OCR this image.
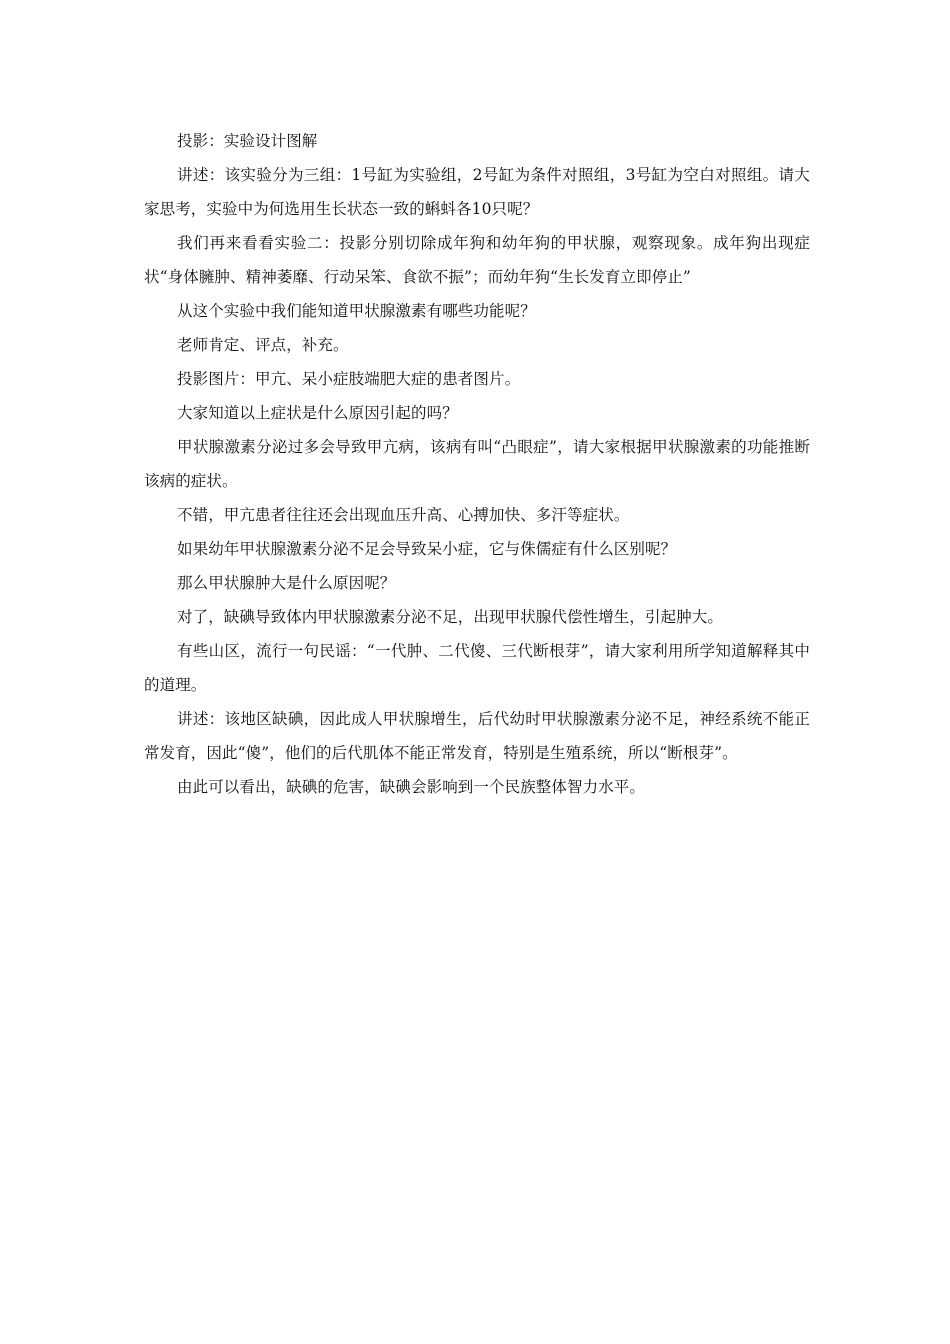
投影：实验设计图解

讲述：该实验分为三组：1号缸为实验组，2号缸为条件对照组，3号缸为空白对照组。请大家思考，实验中为何选用生长状态一致的蝌蚪各10只呢？

我们再来看看实验二：投影分别切除成年狗和幼年狗的甲状腺，观察现象。成年狗出现症状“身体臃肿、精神萎靡、行动呆笨、食欲不振”；而幼年狗“生长发育立即停止”

从这个实验中我们能知道甲状腺激素有哪些功能呢？

老师肯定、评点，补充。

投影图片：甲亢、呆小症肢端肥大症的患者图片。

大家知道以上症状是什么原因引起的吗？

甲状腺激素分泌过多会导致甲亢病，该病有叫“凸眼症”，请大家根据甲状腺激素的功能推断该病的症状。

不错，甲亢患者往往还会出现血压升高、心搏加快、多汗等症状。

如果幼年甲状腺激素分泌不足会导致呆小症，它与侏儒症有什么区别呢？

那么甲状腺肿大是什么原因呢？

对了，缺碘导致体内甲状腺激素分泌不足，出现甲状腺代偿性增生，引起肿大。

有些山区，流行一句民谣：“一代肿、二代傻、三代断根芽”，请大家利用所学知道解释其中的道理。

讲述：该地区缺碘，因此成人甲状腺增生，后代幼时甲状腺激素分泌不足，神经系统不能正常发育，因此“傻”，他们的后代肌体不能正常发育，特别是生殖系统，所以“断根芽”。

由此可以看出，缺碘的危害，缺碘会影响到一个民族整体智力水平。
